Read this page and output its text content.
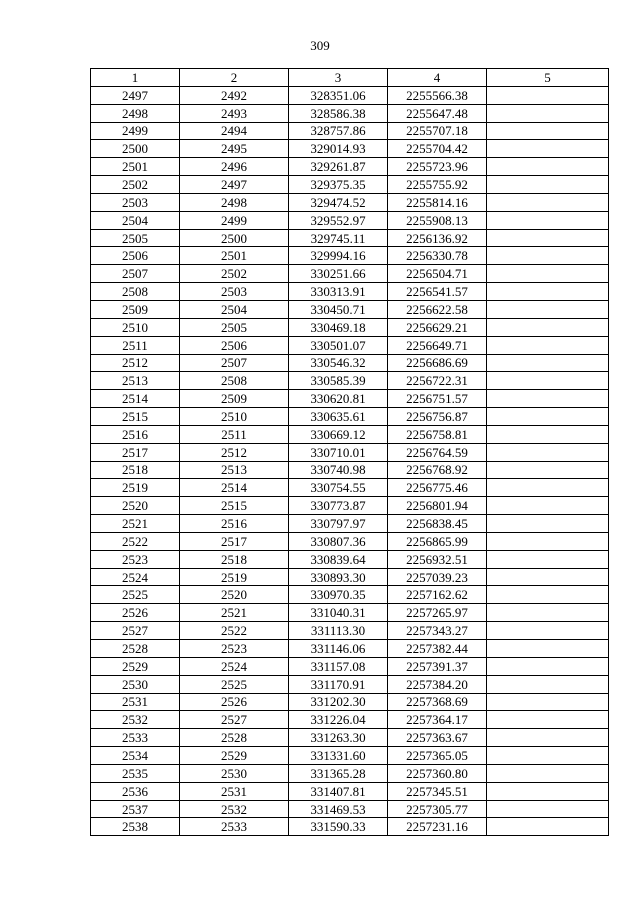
309
1	2	3	4	5
2497	2492	328351.06	2255566.38	
2498	2493	328586.38	2255647.48	
2499	2494	328757.86	2255707.18	
2500	2495	329014.93	2255704.42	
2501	2496	329261.87	2255723.96	
2502	2497	329375.35	2255755.92	
2503	2498	329474.52	2255814.16	
2504	2499	329552.97	2255908.13	
2505	2500	329745.11	2256136.92	
2506	2501	329994.16	2256330.78	
2507	2502	330251.66	2256504.71	
2508	2503	330313.91	2256541.57	
2509	2504	330450.71	2256622.58	
2510	2505	330469.18	2256629.21	
2511	2506	330501.07	2256649.71	
2512	2507	330546.32	2256686.69	
2513	2508	330585.39	2256722.31	
2514	2509	330620.81	2256751.57	
2515	2510	330635.61	2256756.87	
2516	2511	330669.12	2256758.81	
2517	2512	330710.01	2256764.59	
2518	2513	330740.98	2256768.92	
2519	2514	330754.55	2256775.46	
2520	2515	330773.87	2256801.94	
2521	2516	330797.97	2256838.45	
2522	2517	330807.36	2256865.99	
2523	2518	330839.64	2256932.51	
2524	2519	330893.30	2257039.23	
2525	2520	330970.35	2257162.62	
2526	2521	331040.31	2257265.97	
2527	2522	331113.30	2257343.27	
2528	2523	331146.06	2257382.44	
2529	2524	331157.08	2257391.37	
2530	2525	331170.91	2257384.20	
2531	2526	331202.30	2257368.69	
2532	2527	331226.04	2257364.17	
2533	2528	331263.30	2257363.67	
2534	2529	331331.60	2257365.05	
2535	2530	331365.28	2257360.80	
2536	2531	331407.81	2257345.51	
2537	2532	331469.53	2257305.77	
2538	2533	331590.33	2257231.16	
